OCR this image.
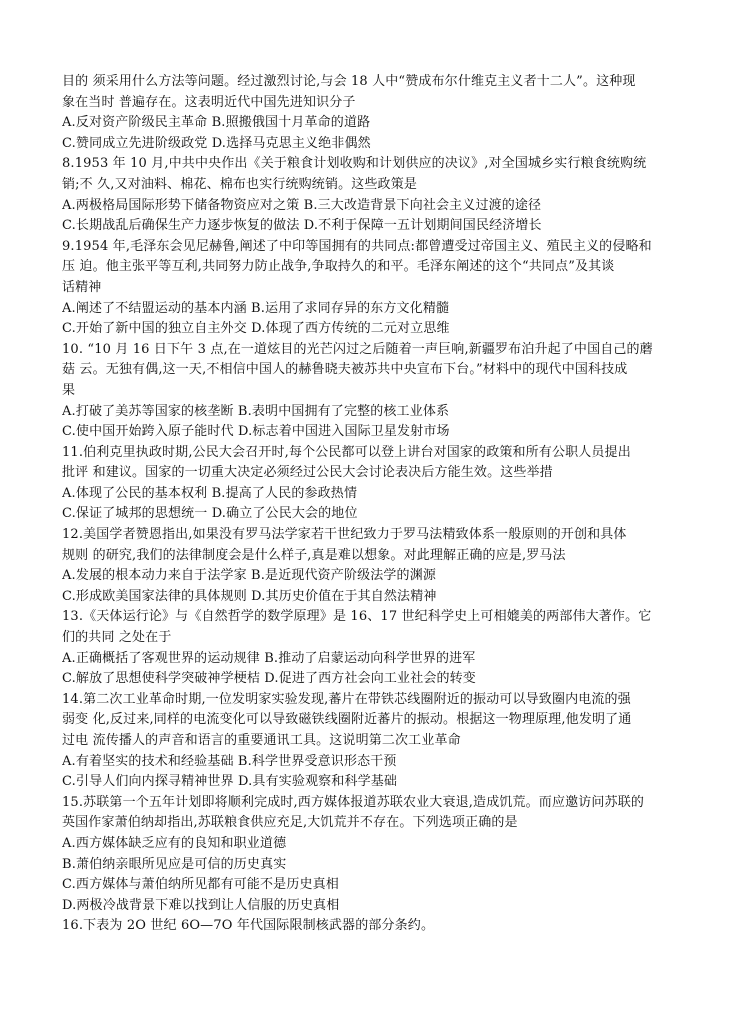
目的 须采用什么方法等问题。经过激烈讨论,与会 18 人中“赞成布尔什维克主义者十二人”。这种现
象在当时 普遍存在。这表明近代中国先进知识分子
A.反对资产阶级民主革命 B.照搬俄国十月革命的道路
C.赞同成立先进阶级政党 D.选择马克思主义绝非偶然
8.1953 年 10 月,中共中央作出《关于粮食计划收购和计划供应的决议》,对全国城乡实行粮食统购统
销;不 久,又对油料、棉花、棉布也实行统购统销。这些政策是
A.两极格局国际形势下储备物资应对之策 B.三大改造背景下向社会主义过渡的途径
C.长期战乱后确保生产力逐步恢复的做法 D.不利于保障一五计划期间国民经济增长
9.1954 年,毛泽东会见尼赫鲁,阐述了中印等国拥有的共同点:都曾遭受过帝国主义、殖民主义的侵略和
压 迫。他主张平等互利,共同努力防止战争,争取持久的和平。毛泽东阐述的这个“共同点”及其谈
话精神
A.阐述了不结盟运动的基本内涵 B.运用了求同存异的东方文化精髓
C.开始了新中国的独立自主外交 D.体现了西方传统的二元对立思维
10. “10 月 16 日下午 3 点,在一道炫目的光芒闪过之后随着一声巨响,新疆罗布泊升起了中国自己的蘑
菇 云。无独有偶,这一天,不相信中国人的赫鲁晓夫被苏共中央宣布下台。”材料中的现代中国科技成
果
A.打破了美苏等国家的核垄断 B.表明中国拥有了完整的核工业体系
C.使中国开始跨入原子能时代 D.标志着中国进入国际卫星发射市场
11.伯利克里执政时期,公民大会召开时,每个公民都可以登上讲台对国家的政策和所有公职人员提出
批评 和建议。国家的一切重大决定必须经过公民大会讨论表决后方能生效。这些举措
A.体现了公民的基本权利 B.提高了人民的参政热情
C.保证了城邦的思想统一 D.确立了公民大会的地位
12.美国学者赞恩指出,如果没有罗马法学家若干世纪致力于罗马法精致体系一般原则的开创和具体
规则 的研究,我们的法律制度会是什么样子,真是难以想象。对此理解正确的应是,罗马法
A.发展的根本动力来自于法学家 B.是近现代资产阶级法学的渊源
C.形成欧美国家法律的具体规则 D.其历史价值在于其自然法精神
13.《天体运行论》与《自然哲学的数学原理》是 16、17 世纪科学史上可相媲美的两部伟大著作。它
们的共同 之处在于
A.正确概括了客观世界的运动规律 B.推动了启蒙运动向科学世界的进军
C.解放了思想使科学突破神学梗桔 D.促进了西方社会向工业社会的转变
14.第二次工业革命时期,一位发明家实验发现,蕃片在带铁芯线圈附近的振动可以导致圈内电流的强
弱变 化,反过来,同样的电流变化可以导致磁铁线圈附近蕃片的振动。根据这一物理原理,他发明了通
过电 流传播人的声音和语言的重要通讯工具。这说明第二次工业革命
A.有着坚实的技术和经验基础 B.科学世界受意识形态干预
C.引导人们向内探寻精神世界 D.具有实验观察和科学基础
15.苏联第一个五年计划即将顺利完成时,西方媒体报道苏联农业大衰退,造成饥荒。而应邀访问苏联的
英国作家萧伯纳却指出,苏联粮食供应充足,大饥荒并不存在。下列选项正确的是
A.西方媒体缺乏应有的良知和职业道德
B.萧伯纳亲眼所见应是可信的历史真实
C.西方媒体与萧伯纳所见都有可能不是历史真相
D.两极冷战背景下难以找到让人信服的历史真相
16.下表为 2O 世纪 6O—7O 年代国际限制核武器的部分条约。
